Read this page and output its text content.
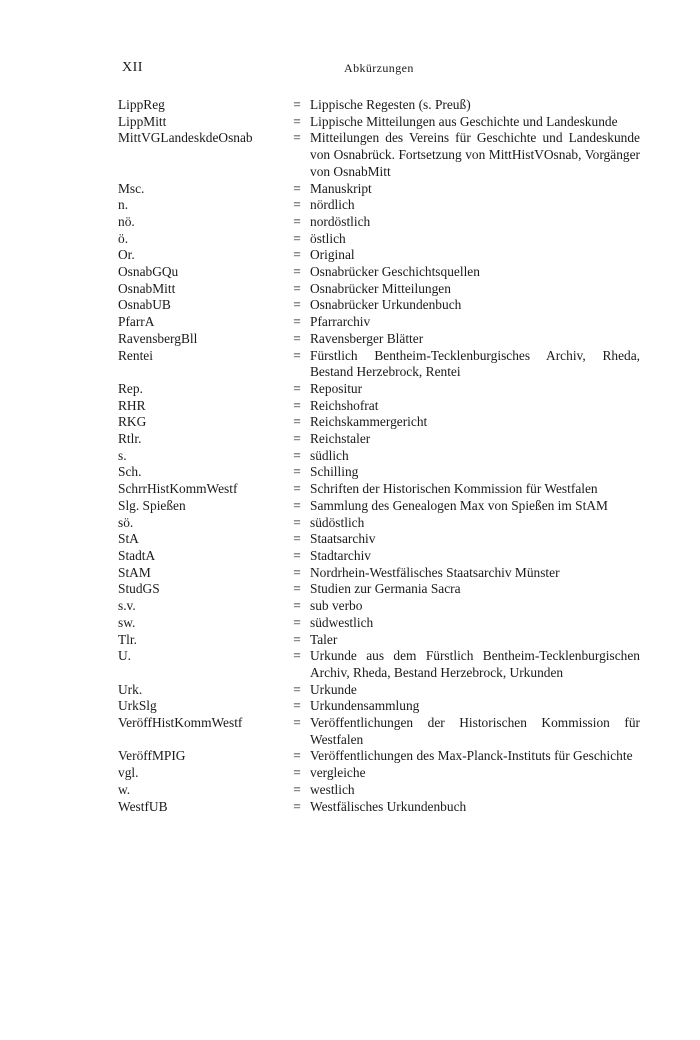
XII	Abkürzungen
LippReg	= Lippische Regesten (s. Preuß)
LippMitt	= Lippische Mitteilungen aus Geschichte und Landeskunde
MittVGLandeskdeOsnab	= Mitteilungen des Vereins für Geschichte und Landeskunde von Osnabrück. Fortsetzung von MittHistVOsnab, Vorgänger von OsnabMitt
Msc.	= Manuskript
n.	= nördlich
nö.	= nordöstlich
ö.	= östlich
Or.	= Original
OsnabGQu	= Osnabrücker Geschichtsquellen
OsnabMitt	= Osnabrücker Mitteilungen
OsnabUB	= Osnabrücker Urkundenbuch
PfarrA	= Pfarrarchiv
RavensbergBll	= Ravensberger Blätter
Rentei	= Fürstlich Bentheim-Tecklenburgisches Archiv, Rheda, Bestand Herzebrock, Rentei
Rep.	= Repositur
RHR	= Reichshofrat
RKG	= Reichskammergericht
Rtlr.	= Reichstaler
s.	= südlich
Sch.	= Schilling
SchrrHistKommWestf	= Schriften der Historischen Kommission für Westfalen
Slg. Spießen	= Sammlung des Genealogen Max von Spießen im StAM
sö.	= südöstlich
StA	= Staatsarchiv
StadtA	= Stadtarchiv
StAM	= Nordrhein-Westfälisches Staatsarchiv Münster
StudGS	= Studien zur Germania Sacra
s.v.	= sub verbo
sw.	= südwestlich
Tlr.	= Taler
U.	= Urkunde aus dem Fürstlich Bentheim-Tecklenburgischen Archiv, Rheda, Bestand Herzebrock, Urkunden
Urk.	= Urkunde
UrkSlg	= Urkundensammlung
VeröffHistKommWestf	= Veröffentlichungen der Historischen Kommission für Westfalen
VeröffMPIG	= Veröffentlichungen des Max-Planck-Instituts für Geschichte
vgl.	= vergleiche
w.	= westlich
WestfUB	= Westfälisches Urkundenbuch
